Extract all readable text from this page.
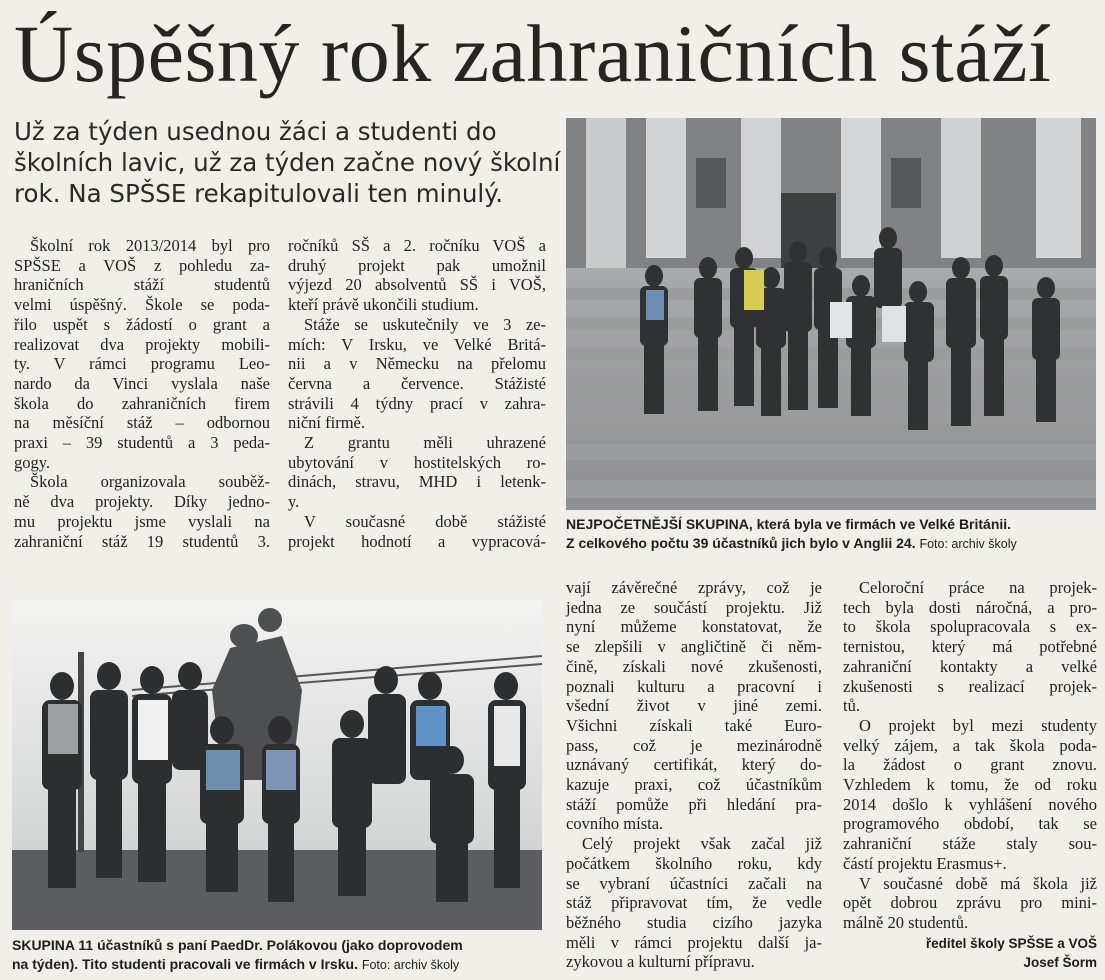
Úspěšný rok zahraničních stáží
Už za týden usednou žáci a studenti do
školních lavic, už za týden začne nový školní
rok. Na SPŠSE rekapitulovali ten minulý.
Školní rok 2013/2014 byl pro
SPŠSE a VOŠ z pohledu za-
hraničních stáží studentů
velmi úspěšný. Škole se poda-
řilo uspět s žádostí o grant a
realizovat dva projekty mobili-
ty. V rámci programu Leo-
nardo da Vinci vyslala naše
škola do zahraničních firem
na měsíční stáž – odbornou
praxi – 39 studentů a 3 peda-
gogy.
Škola organizovala souběž-
ně dva projekty. Díky jedno-
mu projektu jsme vyslali na
zahraniční stáž 19 studentů 3.
ročníků SŠ a 2. ročníku VOŠ a
druhý projekt pak umožnil
výjezd 20 absolventů SŠ i VOŠ,
kteří právě ukončili studium.
Stáže se uskutečnily ve 3 ze-
mích: V Irsku, ve Velké Britá-
nii a v Německu na přelomu
června a července. Stážisté
strávili 4 týdny prací v zahra-
niční firmě.
Z grantu měli uhrazené
ubytování v hostitelských ro-
dinách, stravu, MHD i letenk-
y.
V současné době stážisté
projekt hodnotí a vypracová-
NEJPOČETNĚJŠÍ SKUPINA, která byla ve firmách ve Velké Británii.
Z celkového počtu 39 účastníků jich bylo v Anglii 24. Foto: archiv školy
SKUPINA 11 účastníků s paní PaedDr. Polákovou (jako doprovodem
na týden). Tito studenti pracovali ve firmách v Irsku. Foto: archiv školy
vají závěrečné zprávy, což je
jedna ze součástí projektu. Již
nyní můžeme konstatovat, že
se zlepšili v angličtině či něm-
čině, získali nové zkušenosti,
poznali kulturu a pracovní i
všední život v jiné zemi.
Všichni získali také Euro-
pass, což je mezinárodně
uznávaný certifikát, který do-
kazuje praxi, což účastníkům
stáží pomůže při hledání pra-
covního místa.
Celý projekt však začal již
počátkem školního roku, kdy
se vybraní účastníci začali na
stáž připravovat tím, že vedle
běžného studia cizího jazyka
měli v rámci projektu další ja-
zykovou a kulturní přípravu.
Celoroční práce na projek-
tech byla dosti náročná, a pro-
to škola spolupracovala s ex-
ternistou, který má potřebné
zahraniční kontakty a velké
zkušenosti s realizací projek-
tů.
O projekt byl mezi studenty
velký zájem, a tak škola poda-
la žádost o grant znovu.
Vzhledem k tomu, že od roku
2014 došlo k vyhlášení nového
programového období, tak se
zahraniční stáže staly sou-
částí projektu Erasmus+.
V současné době má škola již
opět dobrou zprávu pro mini-
málně 20 studentů.
ředitel školy SPŠSE a VOŠ
Josef Šorm
